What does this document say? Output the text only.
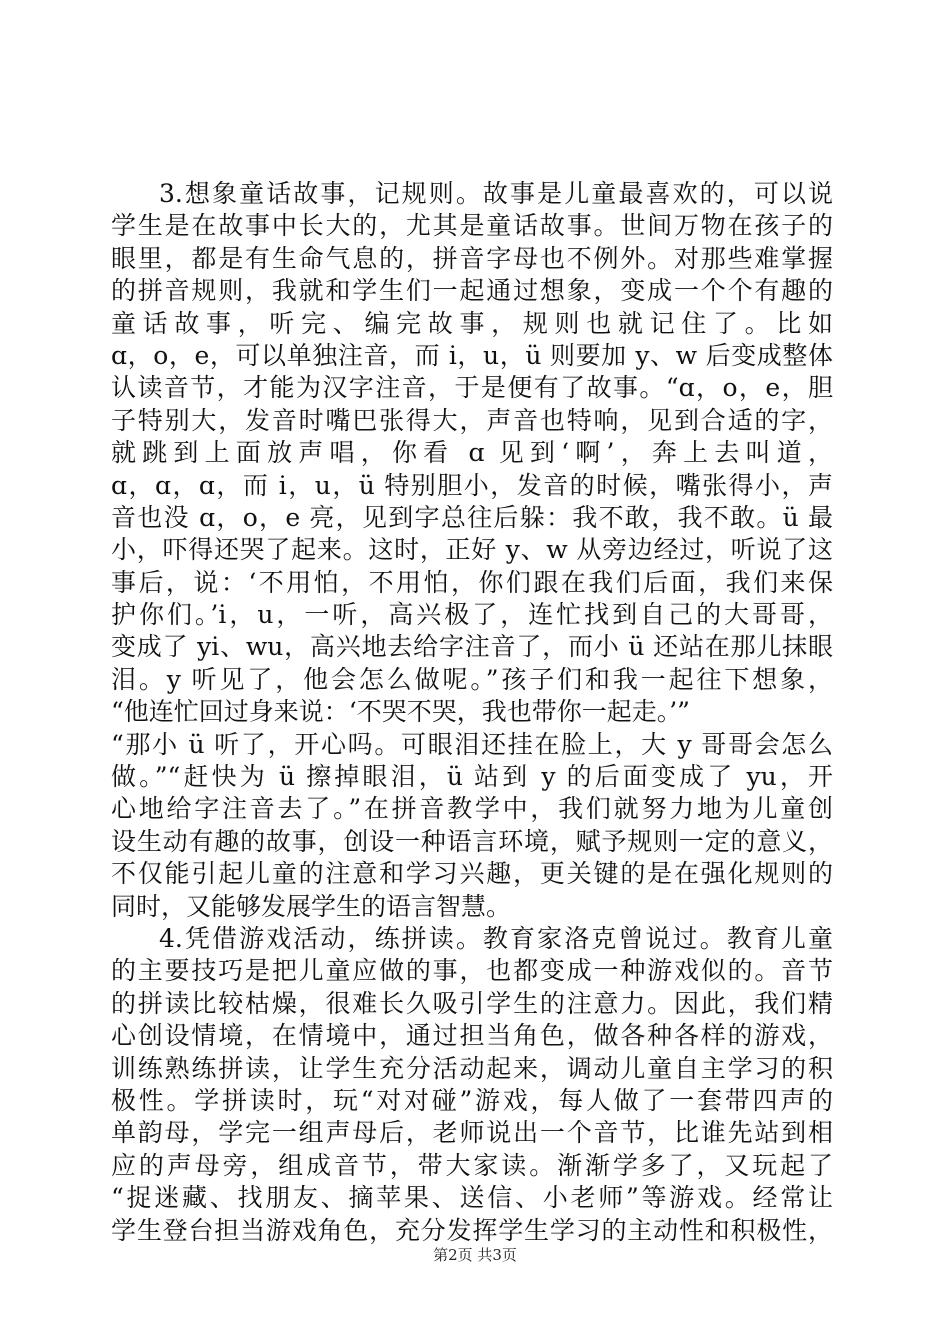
3.想象童话故事，记规则。故事是儿童最喜欢的，可以说
学生是在故事中长大的，尤其是童话故事。世间万物在孩子的
眼里，都是有生命气息的，拼音字母也不例外。对那些难掌握
的拼音规则，我就和学生们一起通过想象，变成一个个有趣的
童话故事，听完、编完故事，规则也就记住了。比如
ɑ，o，e，可以单独注音，而 i，u，ü 则要加 y、w 后变成整体
认读音节，才能为汉字注音，于是便有了故事。“ɑ，o，e，胆
子特别大，发音时嘴巴张得大，声音也特响，见到合适的字，
就跳到上面放声唱，你看 ɑ 见到‘啊’，奔上去叫道，
ɑ，ɑ，ɑ，而 i，u，ü 特别胆小，发音的时候，嘴张得小，声
音也没 ɑ，o，e 亮，见到字总往后躲：我不敢，我不敢。ü 最
小，吓得还哭了起来。这时，正好 y、w 从旁边经过，听说了这
事后，说：‘不用怕，不用怕，你们跟在我们后面，我们来保
护你们。’i，u，一听，高兴极了，连忙找到自己的大哥哥，
变成了 yi、wu，高兴地去给字注音了，而小 ü 还站在那儿抹眼
泪。y 听见了，他会怎么做呢。”孩子们和我一起往下想象，
“他连忙回过身来说：‘不哭不哭，我也带你一起走。’”
“那小 ü 听了，开心吗。可眼泪还挂在脸上，大 y 哥哥会怎么
做。”“赶快为 ü 擦掉眼泪，ü 站到 y 的后面变成了 yu，开
心地给字注音去了。”在拼音教学中，我们就努力地为儿童创
设生动有趣的故事，创设一种语言环境，赋予规则一定的意义，
不仅能引起儿童的注意和学习兴趣，更关键的是在强化规则的
同时，又能够发展学生的语言智慧。
4.凭借游戏活动，练拼读。教育家洛克曾说过。教育儿童
的主要技巧是把儿童应做的事，也都变成一种游戏似的。音节
的拼读比较枯燥，很难长久吸引学生的注意力。因此，我们精
心创设情境，在情境中，通过担当角色，做各种各样的游戏，
训练熟练拼读，让学生充分活动起来，调动儿童自主学习的积
极性。学拼读时，玩“对对碰”游戏，每人做了一套带四声的
单韵母，学完一组声母后，老师说出一个音节，比谁先站到相
应的声母旁，组成音节，带大家读。渐渐学多了，又玩起了
“捉迷藏、找朋友、摘苹果、送信、小老师”等游戏。经常让
学生登台担当游戏角色，充分发挥学生学习的主动性和积极性，
第2页 共3页
